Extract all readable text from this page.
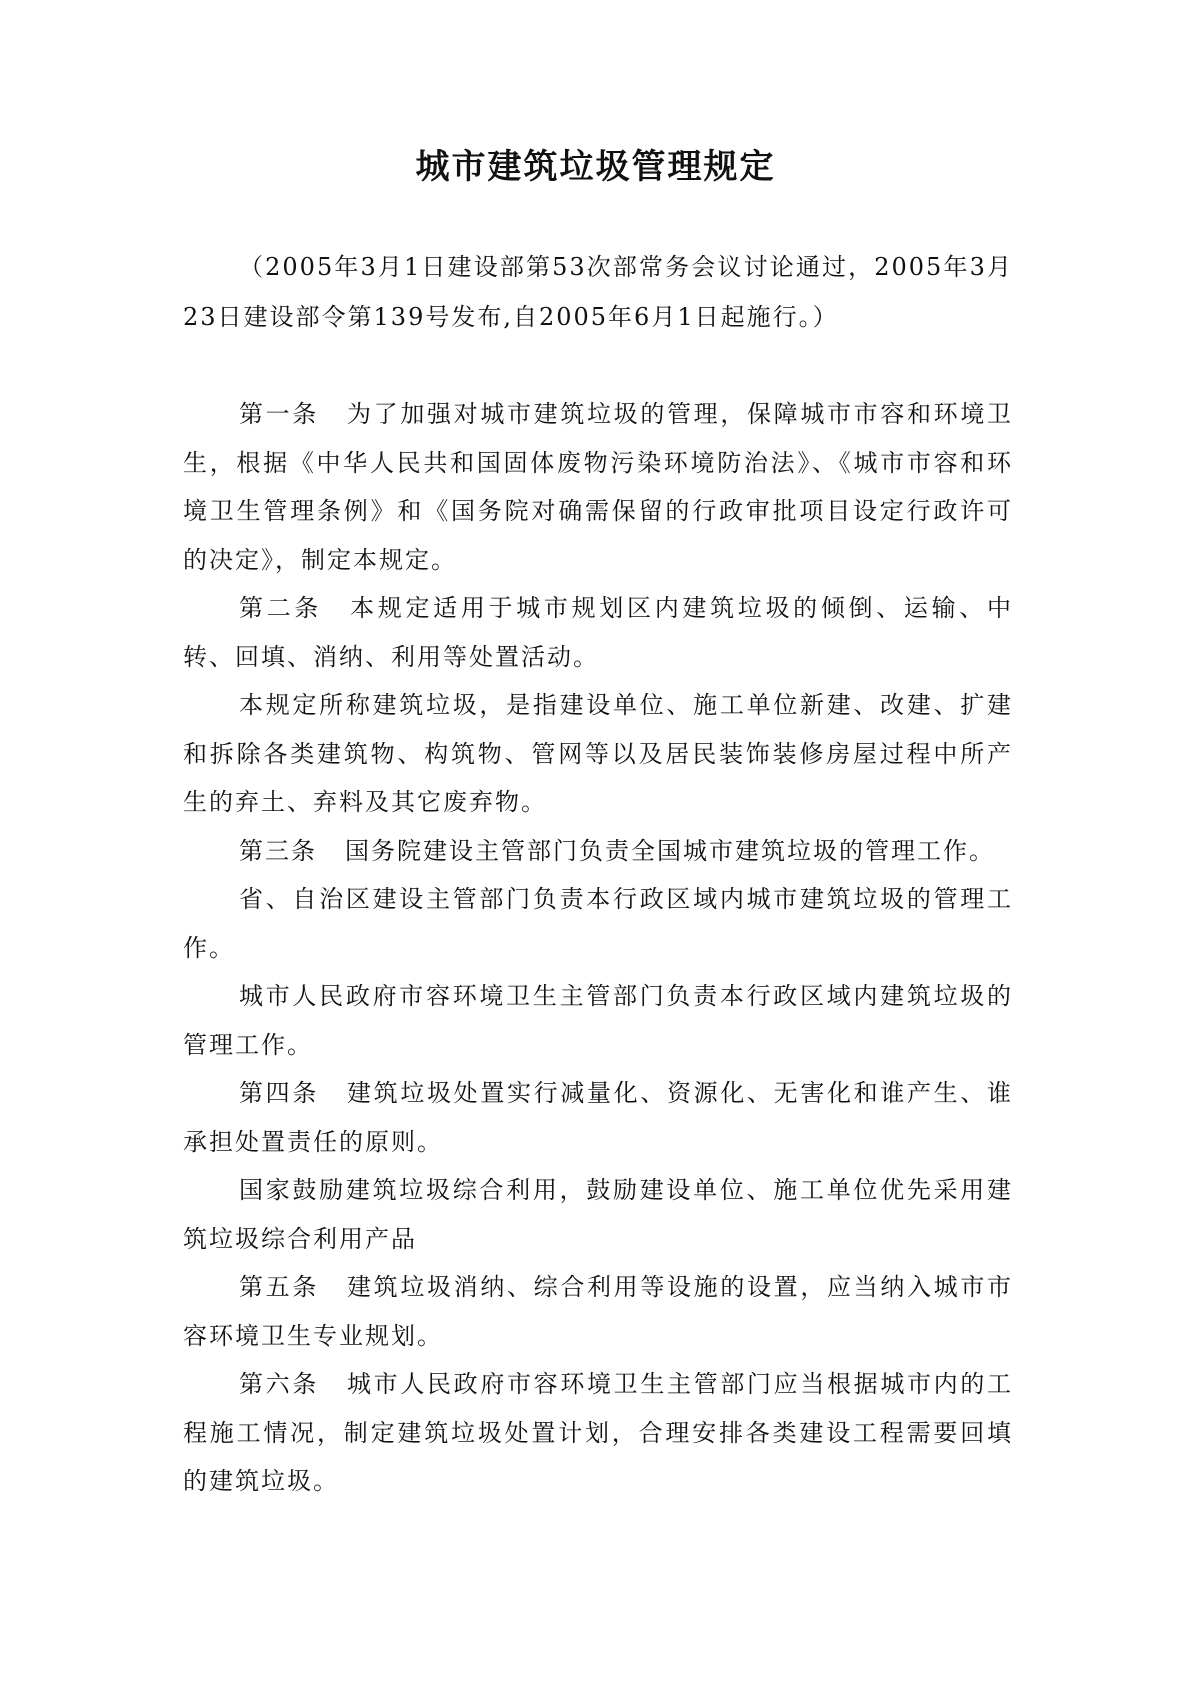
城市建筑垃圾管理规定

（2005年3月1日建设部第53次部常务会议讨论通过，2005年3月23日建设部令第139号发布,自2005年6月1日起施行。）

第一条 为了加强对城市建筑垃圾的管理，保障城市市容和环境卫生，根据《中华人民共和国固体废物污染环境防治法》、《城市市容和环境卫生管理条例》和《国务院对确需保留的行政审批项目设定行政许可的决定》，制定本规定。

第二条 本规定适用于城市规划区内建筑垃圾的倾倒、运输、中转、回填、消纳、利用等处置活动。

本规定所称建筑垃圾，是指建设单位、施工单位新建、改建、扩建和拆除各类建筑物、构筑物、管网等以及居民装饰装修房屋过程中所产生的弃土、弃料及其它废弃物。

第三条 国务院建设主管部门负责全国城市建筑垃圾的管理工作。

省、自治区建设主管部门负责本行政区域内城市建筑垃圾的管理工作。

城市人民政府市容环境卫生主管部门负责本行政区域内建筑垃圾的管理工作。

第四条 建筑垃圾处置实行减量化、资源化、无害化和谁产生、谁承担处置责任的原则。

国家鼓励建筑垃圾综合利用，鼓励建设单位、施工单位优先采用建筑垃圾综合利用产品

第五条 建筑垃圾消纳、综合利用等设施的设置，应当纳入城市市容环境卫生专业规划。

第六条 城市人民政府市容环境卫生主管部门应当根据城市内的工程施工情况，制定建筑垃圾处置计划，合理安排各类建设工程需要回填的建筑垃圾。
